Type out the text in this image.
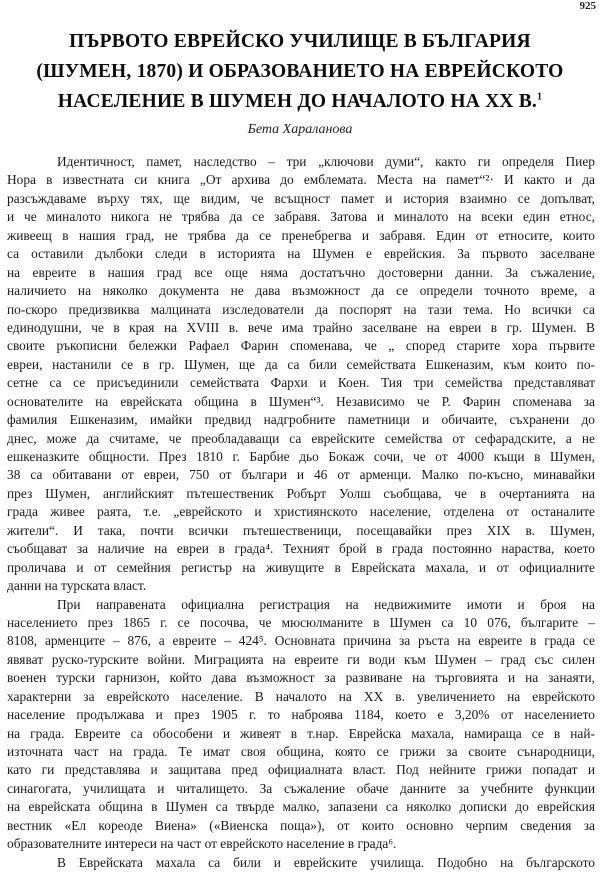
925
ПЪРВОТО ЕВРЕЙСКО УЧИЛИЩЕ В БЪЛГАРИЯ
(ШУМЕН, 1870) И ОБРАЗОВАНИЕТО НА ЕВРЕЙСКОТО
НАСЕЛЕНИЕ В ШУМЕН ДО НАЧАЛОТО НА XX В.$^1$
Бета Хараланова
Идентичност, памет, наследство – три „ключови думи“, както ги определя Пиер
Нора в известната си книга „От архива до емблемата. Места на памет“²· И както и да
разсъждаваме върху тях, ще видим, че всъщност памет и история взаимно се допълват,
и че миналото никога не трябва да се забравя. Затова и миналото на всеки един етнос,
живеещ в нашия град, не трябва да се пренебрегва и забравя. Един от етносите, които
са оставили дълбоки следи в историята на Шумен е еврейския. За първото заселване
на евреите в нашия град все още няма достатъчно достоверни данни. За съжаление,
наличието на няколко документа не дава възможност да се определи точното време, а
по-скоро предизвиква малцината изследователи да поспорят на тази тема. Но всички са
единодушни, че в края на XVIII в. вече има трайно заселване на евреи в гр. Шумен. В
своите ръкописни бележки Рафаел Фарин споменава, че „ според старите хора първите
евреи, настанили се в гр. Шумен, ще да са били семействата Ешкеназим, към които по-
сетне са се присъединили семействата Фархи и Коен. Тия три семейства представляват
основателите на еврейската община в Шумен“³. Независимо че Р. Фарин споменава за
фамилия Ешкеназим, имайки предвид надгробните паметници и обичаите, съхранени до
днес, може да считаме, че преобладаващи са еврейските семейства от сефарадските, а не
ешкеназките общности. През 1810 г. Барбие дьо Бокаж сочи, че от 4000 къщи в Шумен,
38 са обитавани от евреи, 750 от българи и 46 от арменци. Малко по-късно, минавайки
през Шумен, английският пътешественик Робърт Уолш съобщава, че в очертанията на
града живее раята, т.е. „еврейското и християнското население, отделена от останалите
жители“. И така, почти всички пътешественици, посещавайки през XIX в. Шумен,
съобщават за наличие на евреи в града⁴. Техният брой в града постоянно нараства, което
проличава и от семейния регистър на живущите в Еврейската махала, и от официалните
данни на турската власт.
При направената официална регистрация на недвижимите имоти и броя на
населението през 1865 г. се посочва, че мюсюлманите в Шумен са 10 076, българите –
8108, арменците – 876, а евреите – 424⁵. Основната причина за ръста на евреите в града се
явяват руско-турските войни. Миграцията на евреите ги води към Шумен – град със силен
военен турски гарнизон, който дава възможност за развиване на търговията и на занаяти,
характерни за еврейското население. В началото на XX в. увеличението на еврейското
население продължава и през 1905 г. то наброява 1184, което е 3,20% от населението
на града. Евреите са обособени и живеят в т.нар. Еврейска махала, намираща се в най-
източната част на града. Те имат своя община, която се грижи за своите сънародници,
като ги представлява и защитава пред официалната власт. Под нейните грижи попадат и
синагогата, училищата и читалището. За съжаление обаче данните за учебните функции
на еврейската община в Шумен са твърде малко, запазени са няколко дописки до еврейския
вестник «Ел кореоде Виена» («Виенска поща»), от които основно черпим сведения за
образователните интереси на част от еврейското население в града⁶.
В Еврейската махала са били и еврейските училища. Подобно на българското
